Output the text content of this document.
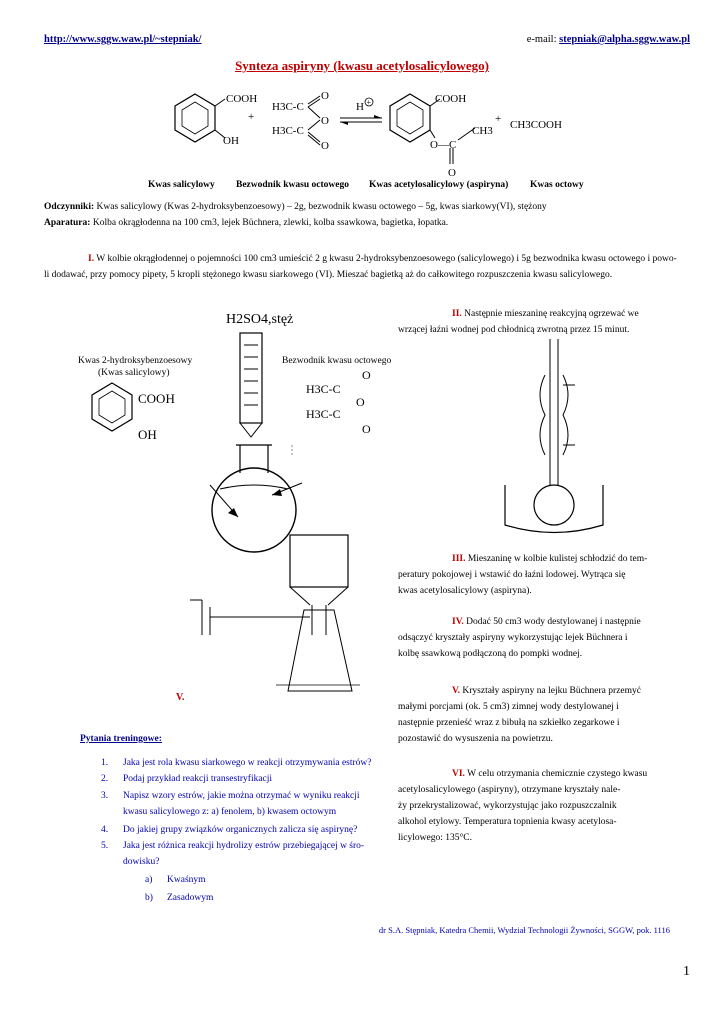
http://www.sggw.waw.pl/~stepniak/	e-mail: stepniak@alpha.sggw.waw.pl
Synteza aspiryny (kwasu acetylosalicylowego)
COOH
OH
+
H3C-C
H3C-C
O
O
O
H +	COOH
O—C
CH3
O
+ CH3COOH
Kwas salicylowy Bezwodnik kwasu octowego Kwas acetylosalicylowy (aspiryna) Kwas octowy
Odczynniki: Kwas salicylowy (Kwas 2-hydroksybenzoesowy) – 2g, bezwodnik kwasu octowego – 5g, kwas siarkowy(VI), stężony
Aparatura: Kolba okrągłodenna na 100 cm3, lejek Büchnera, zlewki, kolba ssawkowa, bagietka, łopatka.
I. W kolbie okrągłodennej o pojemności 100 cm3 umieścić 2 g kwasu 2-hydroksybenzoesowego (salicylowego) i 5g bezwodnika kwasu octowego i powo-
li dodawać, przy pomocy pipety, 5 kropli stężonego kwasu siarkowego (VI). Mieszać bagietką aż do całkowitego rozpuszczenia kwasu salicylowego.
H2SO4,stęż
Kwas 2-hydroksybenzoesowy
(Kwas salicylowy)
Bezwodnik kwasu octowego
COOH
OH
H3C-C
H3C-C
O
O
O
V.
II. Następnie mieszaninę reakcyjną ogrzewać we
wrzącej łaźni wodnej pod chłodnicą zwrotną przez 15 minut.
III. Mieszaninę w kolbie kulistej schłodzić do tem-
peratury pokojowej i wstawić do łaźni lodowej. Wytrąca się
kwas acetylosalicylowy (aspiryna).
IV. Dodać 50 cm3 wody destylowanej i następnie
odsączyć kryształy aspiryny wykorzystując lejek Büchnera i
kolbę ssawkową podłączoną do pompki wodnej.
V. Kryształy aspiryny na lejku Büchnera przemyć
małymi porcjami (ok. 5 cm3) zimnej wody destylowanej i
następnie przenieść wraz z bibułą na szkiełko zegarkowe i
pozostawić do wysuszenia na powietrzu.
VI. W celu otrzymania chemicznie czystego kwasu
acetylosalicylowego (aspiryny), otrzymane kryształy nale-
ży przekrystalizować, wykorzystując jako rozpuszczalnik
alkohol etylowy. Temperatura topnienia kwasy acetylosa-
licylowego: 135°C.
Pytania treningowe:
1. Jaka jest rola kwasu siarkowego w reakcji otrzymywania estrów?
2. Podaj przykład reakcji transestryfikacji
3. Napisz wzory estrów, jakie można otrzymać w wyniku reakcji
kwasu salicylowego z: a) fenolem, b) kwasem octowym
4. Do jakiej grupy związków organicznych zalicza się aspirynę?
5. Jaka jest różnica reakcji hydrolizy estrów przebiegającej w śro-
dowisku?
a) Kwaśnym
b) Zasadowym
dr S.A. Stępniak, Katedra Chemii, Wydział Technologii Żywności, SGGW, pok. 1116
1
